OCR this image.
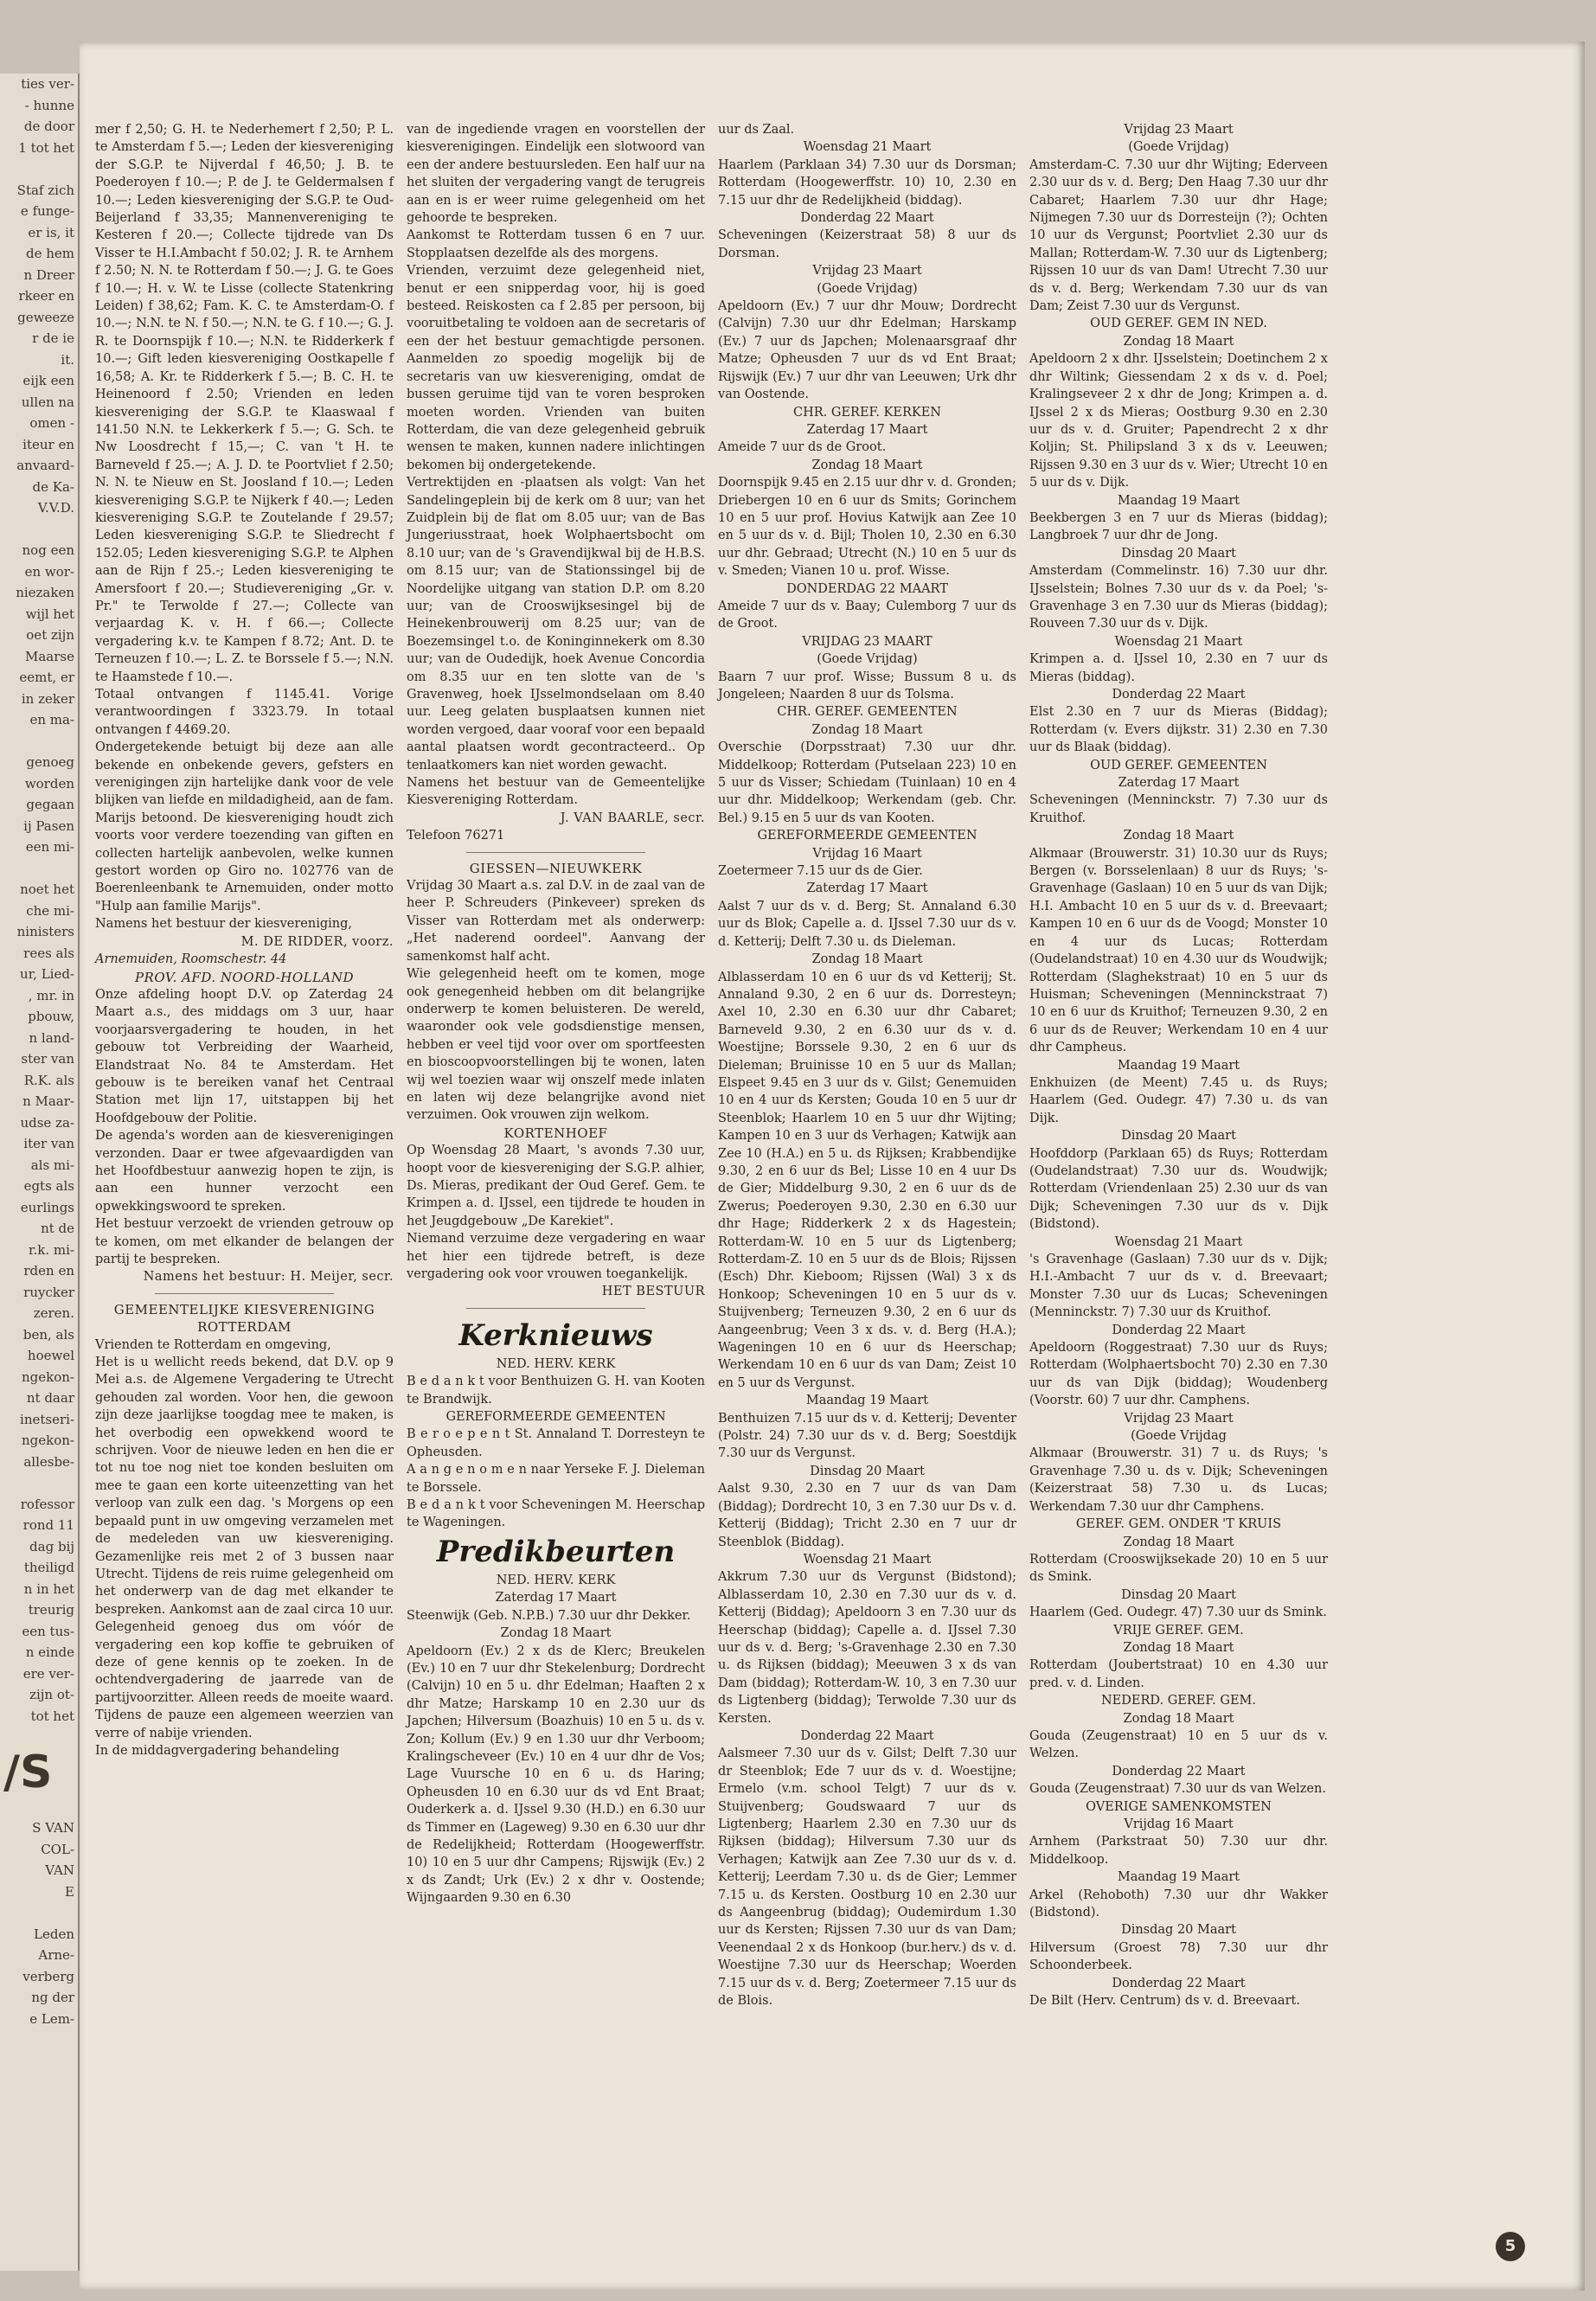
ties ver-
- hunne
de door
1 tot het

Staf zich
e funge-
er is, it
de hem
n Dreer
rkeer en
geweeze
r de ie
it.
eijk een
ullen na
omen -
iteur en
anvaard-
de Ka-
V.V.D.

nog een
en wor-
niezaken
wijl het
oet zijn
Maarse
eemt, er
in zeker
en ma-

genoeg
worden
gegaan
ij Pasen
een mi-

noet het
che mi-
ninisters
rees als
ur, Lied-
, mr. in
pbouw,
n land-
ster van
R.K. als
n Maar-
udse za-
iter van
als mi-
egts als
eurlings
nt de
r.k. mi-
rden en
ruycker
zeren.
ben, als
hoewel
ngekon-
nt daar
inetseri-
ngekon-
allesbe-

rofessor
rond 11
dag bij
theiligd
n in het
treurig
een tus-
n einde
ere ver-
zijn ot-
tot het

/S

S VAN
COL-
VAN
E

Leden
Arne-
verberg
ng der
e Lem-

mer f 2,50; G. H. te Nederhemert f 2,50; P. L. te Amsterdam f 5.—; Leden der kiesvereniging der S.G.P. te Nijverdal f 46,50; J. B. te Poederoyen f 10.—; P. de J. te Geldermalsen f 10.—; Leden kiesvereniging der S.G.P. te Oud-Beijerland f 33,35; Mannenvereniging te Kesteren f 20.—; Collecte tijdrede van Ds Visser te H.I.Ambacht f 50.02; J. R. te Arnhem f 2.50; N. N. te Rotterdam f 50.—; J. G. te Goes f 10.—; H. v. W. te Lisse (collecte Statenkring Leiden) f 38,62; Fam. K. C. te Amsterdam-O. f 10.—; N.N. te N. f 50.—; N.N. te G. f 10.—; G. J. R. te Doornspijk f 10.—; N.N. te Ridderkerk f 10.—; Gift leden kiesvereniging Oostkapelle f 16,58; A. Kr. te Ridderkerk f 5.—; B. C. H. te Heinenoord f 2.50; Vrienden en leden kiesvereniging der S.G.P. te Klaaswaal f 141.50 N.N. te Lekkerkerk f 5.—; G. Sch. te Nw Loosdrecht f 15,—; C. van 't H. te Barneveld f 25.—; A. J. D. te Poortvliet f 2.50; N. N. te Nieuw en St. Joosland f 10.—; Leden kiesvereniging S.G.P. te Nijkerk f 40.—; Leden kiesvereniging S.G.P. te Zoutelande f 29.57; Leden kiesvereniging S.G.P. te Sliedrecht f 152.05; Leden kiesvereniging S.G.P. te Alphen aan de Rijn f 25.-; Leden kiesvereniging te Amersfoort f 20.—; Studievereniging „Gr. v. Pr." te Terwolde f 27.—; Collecte van verjaardag K. v. H. f 66.—; Collecte vergadering k.v. te Kampen f 8.72; Ant. D. te Terneuzen f 10.—; L. Z. te Borssele f 5.—; N.N. te Haamstede f 10.—.

Totaal ontvangen f 1145.41. Vorige verantwoordingen f 3323.79. In totaal ontvangen f 4469.20.

Ondergetekende betuigt bij deze aan alle bekende en onbekende gevers, gefsters en verenigingen zijn hartelijke dank voor de vele blijken van liefde en mildadigheid, aan de fam. Marijs betoond. De kiesvereniging houdt zich voorts voor verdere toezending van giften en collecten hartelijk aanbevolen, welke kunnen gestort worden op Giro no. 102776 van de Boerenleenbank te Arnemuiden, onder motto "Hulp aan familie Marijs".

Namens het bestuur der kiesvereniging,

M. DE RIDDER, voorz.

Arnemuiden, Roomschestr. 44

PROV. AFD. NOORD-HOLLAND

Onze afdeling hoopt D.V. op Zaterdag 24 Maart a.s., des middags om 3 uur, haar voorjaarsvergadering te houden, in het gebouw tot Verbreiding der Waarheid, Elandstraat No. 84 te Amsterdam. Het gebouw is te bereiken vanaf het Centraal Station met lijn 17, uitstappen bij het Hoofdgebouw der Politie.

De agenda's worden aan de kiesverenigingen verzonden. Daar er twee afgevaardigden van het Hoofdbestuur aanwezig hopen te zijn, is aan een hunner verzocht een opwekkingswoord te spreken.

Het bestuur verzoekt de vrienden getrouw op te komen, om met elkander de belangen der partij te bespreken.

Namens het bestuur: H. Meijer, secr.

GEMEENTELIJKE KIESVERENIGING ROTTERDAM

Vrienden te Rotterdam en omgeving,

Het is u wellicht reeds bekend, dat D.V. op 9 Mei a.s. de Algemene Vergadering te Utrecht gehouden zal worden. Voor hen, die gewoon zijn deze jaarlijkse toogdag mee te maken, is het overbodig een opwekkend woord te schrijven. Voor de nieuwe leden en hen die er tot nu toe nog niet toe konden besluiten om mee te gaan een korte uiteenzetting van het verloop van zulk een dag. 's Morgens op een bepaald punt in uw omgeving verzamelen met de medeleden van uw kiesvereniging. Gezamenlijke reis met 2 of 3 bussen naar Utrecht. Tijdens de reis ruime gelegenheid om het onderwerp van de dag met elkander te bespreken. Aankomst aan de zaal circa 10 uur. Gelegenheid genoeg dus om vóór de vergadering een kop koffie te gebruiken of deze of gene kennis op te zoeken. In de ochtendvergadering de jaarrede van de partijvoorzitter. Alleen reeds de moeite waard. Tijdens de pauze een algemeen weerzien van verre of nabije vrienden.

In de middagvergadering behandeling

van de ingediende vragen en voorstellen der kiesverenigingen. Eindelijk een slotwoord van een der andere bestuursleden. Een half uur na het sluiten der vergadering vangt de terugreis aan en is er weer ruime gelegenheid om het gehoorde te bespreken.

Aankomst te Rotterdam tussen 6 en 7 uur. Stopplaatsen dezelfde als des morgens.

Vrienden, verzuimt deze gelegenheid niet, benut er een snipperdag voor, hij is goed besteed. Reiskosten ca f 2.85 per persoon, bij vooruitbetaling te voldoen aan de secretaris of een der het bestuur gemachtigde personen. Aanmelden zo spoedig mogelijk bij de secretaris van uw kiesvereniging, omdat de bussen geruime tijd van te voren besproken moeten worden. Vrienden van buiten Rotterdam, die van deze gelegenheid gebruik wensen te maken, kunnen nadere inlichtingen bekomen bij ondergetekende.

Vertrektijden en -plaatsen als volgt: Van het Sandelingeplein bij de kerk om 8 uur; van het Zuidplein bij de flat om 8.05 uur; van de Bas Jungeriusstraat, hoek Wolphaertsbocht om 8.10 uur; van de 's Gravendijkwal bij de H.B.S. om 8.15 uur; van de Stationssingel bij de Noordelijke uitgang van station D.P. om 8.20 uur; van de Crooswijksesingel bij de Heinekenbrouwerij om 8.25 uur; van de Boezemsingel t.o. de Koninginnekerk om 8.30 uur; van de Oudedijk, hoek Avenue Concordia om 8.35 uur en ten slotte van de 's Gravenweg, hoek IJsselmondselaan om 8.40 uur. Leeg gelaten busplaatsen kunnen niet worden vergoed, daar vooraf voor een bepaald aantal plaatsen wordt gecontracteerd.. Op tenlaatkomers kan niet worden gewacht.

Namens het bestuur van de Gemeentelijke Kiesvereniging Rotterdam.

J. VAN BAARLE, secr.

Telefoon 76271

GIESSEN—NIEUWKERK

Vrijdag 30 Maart a.s. zal D.V. in de zaal van de heer P. Schreuders (Pinkeveer) spreken ds Visser van Rotterdam met als onderwerp: „Het naderend oordeel". Aanvang der samenkomst half acht.

Wie gelegenheid heeft om te komen, moge ook genegenheid hebben om dit belangrijke onderwerp te komen beluisteren. De wereld, waaronder ook vele godsdienstige mensen, hebben er veel tijd voor over om sportfeesten en bioscoopvoorstellingen bij te wonen, laten wij wel toezien waar wij onszelf mede inlaten en laten wij deze belangrijke avond niet verzuimen. Ook vrouwen zijn welkom.

KORTENHOEF

Op Woensdag 28 Maart, 's avonds 7.30 uur, hoopt voor de kiesvereniging der S.G.P. alhier, Ds. Mieras, predikant der Oud Geref. Gem. te Krimpen a. d. IJssel, een tijdrede te houden in het Jeugdgebouw „De Karekiet".

Niemand verzuime deze vergadering en waar het hier een tijdrede betreft, is deze vergadering ook voor vrouwen toegankelijk.

HET BESTUUR

Kerknieuws

NED. HERV. KERK

B e d a n k t voor Benthuizen G. H. van Kooten te Brandwijk.

GEREFORMEERDE GEMEENTEN

B e r o e p e n t St. Annaland T. Dorresteyn te Opheusden.

A a n g e n o m e n naar Yerseke F. J. Dieleman te Borssele.

B e d a n k t voor Scheveningen M. Heerschap te Wageningen.

Predikbeurten

NED. HERV. KERK

Zaterdag 17 Maart

Steenwijk (Geb. N.P.B.) 7.30 uur dhr Dekker.

Zondag 18 Maart

Apeldoorn (Ev.) 2 x ds de Klerc; Breukelen (Ev.) 10 en 7 uur dhr Stekelenburg; Dordrecht (Calvijn) 10 en 5 u. dhr Edelman; Haaften 2 x dhr Matze; Harskamp 10 en 2.30 uur ds Japchen; Hilversum (Boazhuis) 10 en 5 u. ds v. Zon; Kollum (Ev.) 9 en 1.30 uur dhr Verboom; Kralingscheveer (Ev.) 10 en 4 uur dhr de Vos; Lage Vuursche 10 en 6 u. ds Haring; Opheusden 10 en 6.30 uur ds vd Ent Braat; Ouderkerk a. d. IJssel 9.30 (H.D.) en 6.30 uur ds Timmer en (Lageweg) 9.30 en 6.30 uur dhr de Redelijkheid; Rotterdam (Hoogewerffstr. 10) 10 en 5 uur dhr Campens; Rijswijk (Ev.) 2 x ds Zandt; Urk (Ev.) 2 x dhr v. Oostende; Wijngaarden 9.30 en 6.30

uur ds Zaal.

Woensdag 21 Maart

Haarlem (Parklaan 34) 7.30 uur ds Dorsman; Rotterdam (Hoogewerffstr. 10) 10, 2.30 en 7.15 uur dhr de Redelijkheid (biddag).

Donderdag 22 Maart

Scheveningen (Keizerstraat 58) 8 uur ds Dorsman.

Vrijdag 23 Maart

(Goede Vrijdag)

Apeldoorn (Ev.) 7 uur dhr Mouw; Dordrecht (Calvijn) 7.30 uur dhr Edelman; Harskamp (Ev.) 7 uur ds Japchen; Molenaarsgraaf dhr Matze; Opheusden 7 uur ds vd Ent Braat; Rijswijk (Ev.) 7 uur dhr van Leeuwen; Urk dhr van Oostende.

CHR. GEREF. KERKEN

Zaterdag 17 Maart

Ameide 7 uur ds de Groot.

Zondag 18 Maart

Doornspijk 9.45 en 2.15 uur dhr v. d. Gronden; Driebergen 10 en 6 uur ds Smits; Gorinchem 10 en 5 uur prof. Hovius Katwijk aan Zee 10 en 5 uur ds v. d. Bijl; Tholen 10, 2.30 en 6.30 uur dhr. Gebraad; Utrecht (N.) 10 en 5 uur ds v. Smeden; Vianen 10 u. prof. Wisse.

DONDERDAG 22 MAART

Ameide 7 uur ds v. Baay; Culemborg 7 uur ds de Groot.

VRIJDAG 23 MAART

(Goede Vrijdag)

Baarn 7 uur prof. Wisse; Bussum 8 u. ds Jongeleen; Naarden 8 uur ds Tolsma.

CHR. GEREF. GEMEENTEN

Zondag 18 Maart

Overschie (Dorpsstraat) 7.30 uur dhr. Middelkoop; Rotterdam (Putselaan 223) 10 en 5 uur ds Visser; Schiedam (Tuinlaan) 10 en 4 uur dhr. Middelkoop; Werkendam (geb. Chr. Bel.) 9.15 en 5 uur ds van Kooten.

GEREFORMEERDE GEMEENTEN

Vrijdag 16 Maart

Zoetermeer 7.15 uur ds de Gier.

Zaterdag 17 Maart

Aalst 7 uur ds v. d. Berg; St. Annaland 6.30 uur ds Blok; Capelle a. d. IJssel 7.30 uur ds v. d. Ketterij; Delft 7.30 u. ds Dieleman.

Zondag 18 Maart

Alblasserdam 10 en 6 uur ds vd Ketterij; St. Annaland 9.30, 2 en 6 uur ds. Dorresteyn; Axel 10, 2.30 en 6.30 uur dhr Cabaret; Barneveld 9.30, 2 en 6.30 uur ds v. d. Woestijne; Borssele 9.30, 2 en 6 uur ds Dieleman; Bruinisse 10 en 5 uur ds Mallan; Elspeet 9.45 en 3 uur ds v. Gilst; Genemuiden 10 en 4 uur ds Kersten; Gouda 10 en 5 uur dr Steenblok; Haarlem 10 en 5 uur dhr Wijting; Kampen 10 en 3 uur ds Verhagen; Katwijk aan Zee 10 (H.A.) en 5 u. ds Rijksen; Krabbendijke 9.30, 2 en 6 uur ds Bel; Lisse 10 en 4 uur Ds de Gier; Middelburg 9.30, 2 en 6 uur ds de Zwerus; Poederoyen 9.30, 2.30 en 6.30 uur dhr Hage; Ridderkerk 2 x ds Hagestein; Rotterdam-W. 10 en 5 uur ds Ligtenberg; Rotterdam-Z. 10 en 5 uur ds de Blois; Rijssen (Esch) Dhr. Kieboom; Rijssen (Wal) 3 x ds Honkoop; Scheveningen 10 en 5 uur ds v. Stuijvenberg; Terneuzen 9.30, 2 en 6 uur ds Aangeenbrug; Veen 3 x ds. v. d. Berg (H.A.); Wageningen 10 en 6 uur ds Heerschap; Werkendam 10 en 6 uur ds van Dam; Zeist 10 en 5 uur ds Vergunst.

Maandag 19 Maart

Benthuizen 7.15 uur ds v. d. Ketterij; Deventer (Polstr. 24) 7.30 uur ds v. d. Berg; Soestdijk 7.30 uur ds Vergunst.

Dinsdag 20 Maart

Aalst 9.30, 2.30 en 7 uur ds van Dam (Biddag); Dordrecht 10, 3 en 7.30 uur Ds v. d. Ketterij (Biddag); Tricht 2.30 en 7 uur dr Steenblok (Biddag).

Woensdag 21 Maart

Akkrum 7.30 uur ds Vergunst (Bidstond); Alblasserdam 10, 2.30 en 7.30 uur ds v. d. Ketterij (Biddag); Apeldoorn 3 en 7.30 uur ds Heerschap (biddag); Capelle a. d. IJssel 7.30 uur ds v. d. Berg; 's-Gravenhage 2.30 en 7.30 u. ds Rijksen (biddag); Meeuwen 3 x ds van Dam (biddag); Rotterdam-W. 10, 3 en 7.30 uur ds Ligtenberg (biddag); Terwolde 7.30 uur ds Kersten.

Donderdag 22 Maart

Aalsmeer 7.30 uur ds v. Gilst; Delft 7.30 uur dr Steenblok; Ede 7 uur ds v. d. Woestijne; Ermelo (v.m. school Telgt) 7 uur ds v. Stuijvenberg; Goudswaard 7 uur ds Ligtenberg; Haarlem 2.30 en 7.30 uur ds Rijksen (biddag); Hilversum 7.30 uur ds Verhagen; Katwijk aan Zee 7.30 uur ds v. d. Ketterij; Leerdam 7.30 u. ds de Gier; Lemmer 7.15 u. ds Kersten. Oostburg 10 en 2.30 uur ds Aangeenbrug (biddag); Oudemirdum 1.30 uur ds Kersten; Rijssen 7.30 uur ds van Dam; Veenendaal 2 x ds Honkoop (bur.herv.) ds v. d. Woestijne 7.30 uur ds Heerschap; Woerden 7.15 uur ds v. d. Berg; Zoetermeer 7.15 uur ds de Blois.

Vrijdag 23 Maart

(Goede Vrijdag)

Amsterdam-C. 7.30 uur dhr Wijting; Ederveen 2.30 uur ds v. d. Berg; Den Haag 7.30 uur dhr Cabaret; Haarlem 7.30 uur dhr Hage; Nijmegen 7.30 uur ds Dorresteijn (?); Ochten 10 uur ds Vergunst; Poortvliet 2.30 uur ds Mallan; Rotterdam-W. 7.30 uur ds Ligtenberg; Rijssen 10 uur ds van Dam! Utrecht 7.30 uur ds v. d. Berg; Werkendam 7.30 uur ds van Dam; Zeist 7.30 uur ds Vergunst.

OUD GEREF. GEM IN NED.

Zondag 18 Maart

Apeldoorn 2 x dhr. IJsselstein; Doetinchem 2 x dhr Wiltink; Giessendam 2 x ds v. d. Poel; Kralingseveer 2 x dhr de Jong; Krimpen a. d. IJssel 2 x ds Mieras; Oostburg 9.30 en 2.30 uur ds v. d. Gruiter; Papendrecht 2 x dhr Koljin; St. Philipsland 3 x ds v. Leeuwen; Rijssen 9.30 en 3 uur ds v. Wier; Utrecht 10 en 5 uur ds v. Dijk.

Maandag 19 Maart

Beekbergen 3 en 7 uur ds Mieras (biddag); Langbroek 7 uur dhr de Jong.

Dinsdag 20 Maart

Amsterdam (Commelinstr. 16) 7.30 uur dhr. IJsselstein; Bolnes 7.30 uur ds v. da Poel; 's-Gravenhage 3 en 7.30 uur ds Mieras (biddag); Rouveen 7.30 uur ds v. Dijk.

Woensdag 21 Maart

Krimpen a. d. IJssel 10, 2.30 en 7 uur ds Mieras (biddag).

Donderdag 22 Maart

Elst 2.30 en 7 uur ds Mieras (Biddag); Rotterdam (v. Evers dijkstr. 31) 2.30 en 7.30 uur ds Blaak (biddag).

OUD GEREF. GEMEENTEN

Zaterdag 17 Maart

Scheveningen (Menninckstr. 7) 7.30 uur ds Kruithof.

Zondag 18 Maart

Alkmaar (Brouwerstr. 31) 10.30 uur ds Ruys; Bergen (v. Borsselenlaan) 8 uur ds Ruys; 's-Gravenhage (Gaslaan) 10 en 5 uur ds van Dijk; H.I. Ambacht 10 en 5 uur ds v. d. Breevaart; Kampen 10 en 6 uur ds de Voogd; Monster 10 en 4 uur ds Lucas; Rotterdam (Oudelandstraat) 10 en 4.30 uur ds Woudwijk; Rotterdam (Slaghekstraat) 10 en 5 uur ds Huisman; Scheveningen (Menninckstraat 7) 10 en 6 uur ds Kruithof; Terneuzen 9.30, 2 en 6 uur ds de Reuver; Werkendam 10 en 4 uur dhr Campheus.

Maandag 19 Maart

Enkhuizen (de Meent) 7.45 u. ds Ruys; Haarlem (Ged. Oudegr. 47) 7.30 u. ds van Dijk.

Dinsdag 20 Maart

Hoofddorp (Parklaan 65) ds Ruys; Rotterdam (Oudelandstraat) 7.30 uur ds. Woudwijk; Rotterdam (Vriendenlaan 25) 2.30 uur ds van Dijk; Scheveningen 7.30 uur ds v. Dijk (Bidstond).

Woensdag 21 Maart

's Gravenhage (Gaslaan) 7.30 uur ds v. Dijk; H.I.-Ambacht 7 uur ds v. d. Breevaart; Monster 7.30 uur ds Lucas; Scheveningen (Menninckstr. 7) 7.30 uur ds Kruithof.

Donderdag 22 Maart

Apeldoorn (Roggestraat) 7.30 uur ds Ruys; Rotterdam (Wolphaertsbocht 70) 2.30 en 7.30 uur ds van Dijk (biddag); Woudenberg (Voorstr. 60) 7 uur dhr. Camphens.

Vrijdag 23 Maart

(Goede Vrijdag

Alkmaar (Brouwerstr. 31) 7 u. ds Ruys; 's Gravenhage 7.30 u. ds v. Dijk; Scheveningen (Keizerstraat 58) 7.30 u. ds Lucas; Werkendam 7.30 uur dhr Camphens.

GEREF. GEM. ONDER 'T KRUIS

Zondag 18 Maart

Rotterdam (Crooswijksekade 20) 10 en 5 uur ds Smink.

Dinsdag 20 Maart

Haarlem (Ged. Oudegr. 47) 7.30 uur ds Smink.

VRIJE GEREF. GEM.

Zondag 18 Maart

Rotterdam (Joubertstraat) 10 en 4.30 uur pred. v. d. Linden.

NEDERD. GEREF. GEM.

Zondag 18 Maart

Gouda (Zeugenstraat) 10 en 5 uur ds v. Welzen.

Donderdag 22 Maart

Gouda (Zeugenstraat) 7.30 uur ds van Welzen.

OVERIGE SAMENKOMSTEN

Vrijdag 16 Maart

Arnhem (Parkstraat 50) 7.30 uur dhr. Middelkoop.

Maandag 19 Maart

Arkel (Rehoboth) 7.30 uur dhr Wakker (Bidstond).

Dinsdag 20 Maart

Hilversum (Groest 78) 7.30 uur dhr Schoonderbeek.

Donderdag 22 Maart

De Bilt (Herv. Centrum) ds v. d. Breevaart.

5
